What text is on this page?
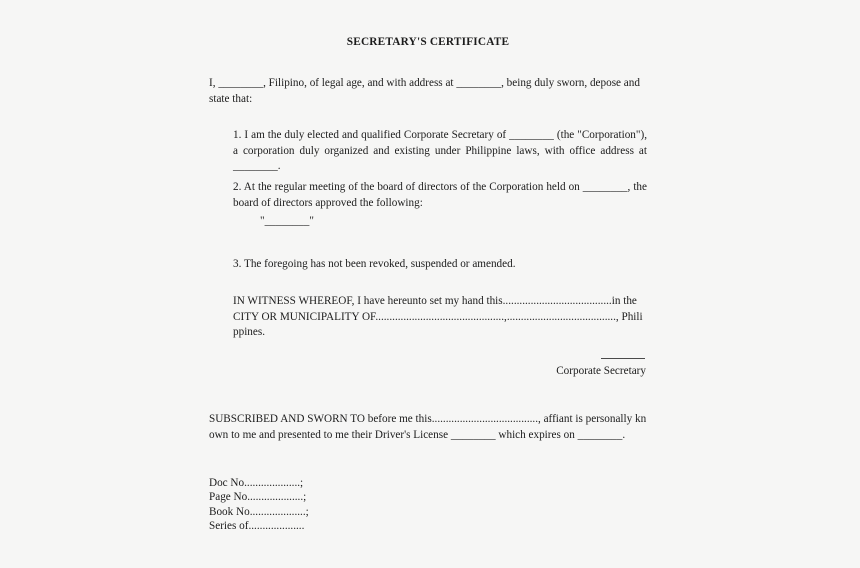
SECRETARY'S CERTIFICATE
I, ________, Filipino, of legal age, and with address at ________, being duly sworn, depose and state that:
1. I am the duly elected and qualified Corporate Secretary of ________ (the "Corporation"), a corporation duly organized and existing under Philippine laws, with office address at ________.
2. At the regular meeting of the board of directors of the Corporation held on ________, the board of directors approved the following:
"________"
3. The foregoing has not been revoked, suspended or amended.
IN WITNESS WHEREOF, I have hereunto set my hand this.......................................in the CITY OR MUNICIPALITY OF..............................................,......................................., Philippines.
Corporate Secretary
SUBSCRIBED AND SWORN TO before me this......................................, affiant is personally known to me and presented to me their Driver's License ________ which expires on ________.
Doc No....................;
Page No....................;
Book No....................;
Series of....................
